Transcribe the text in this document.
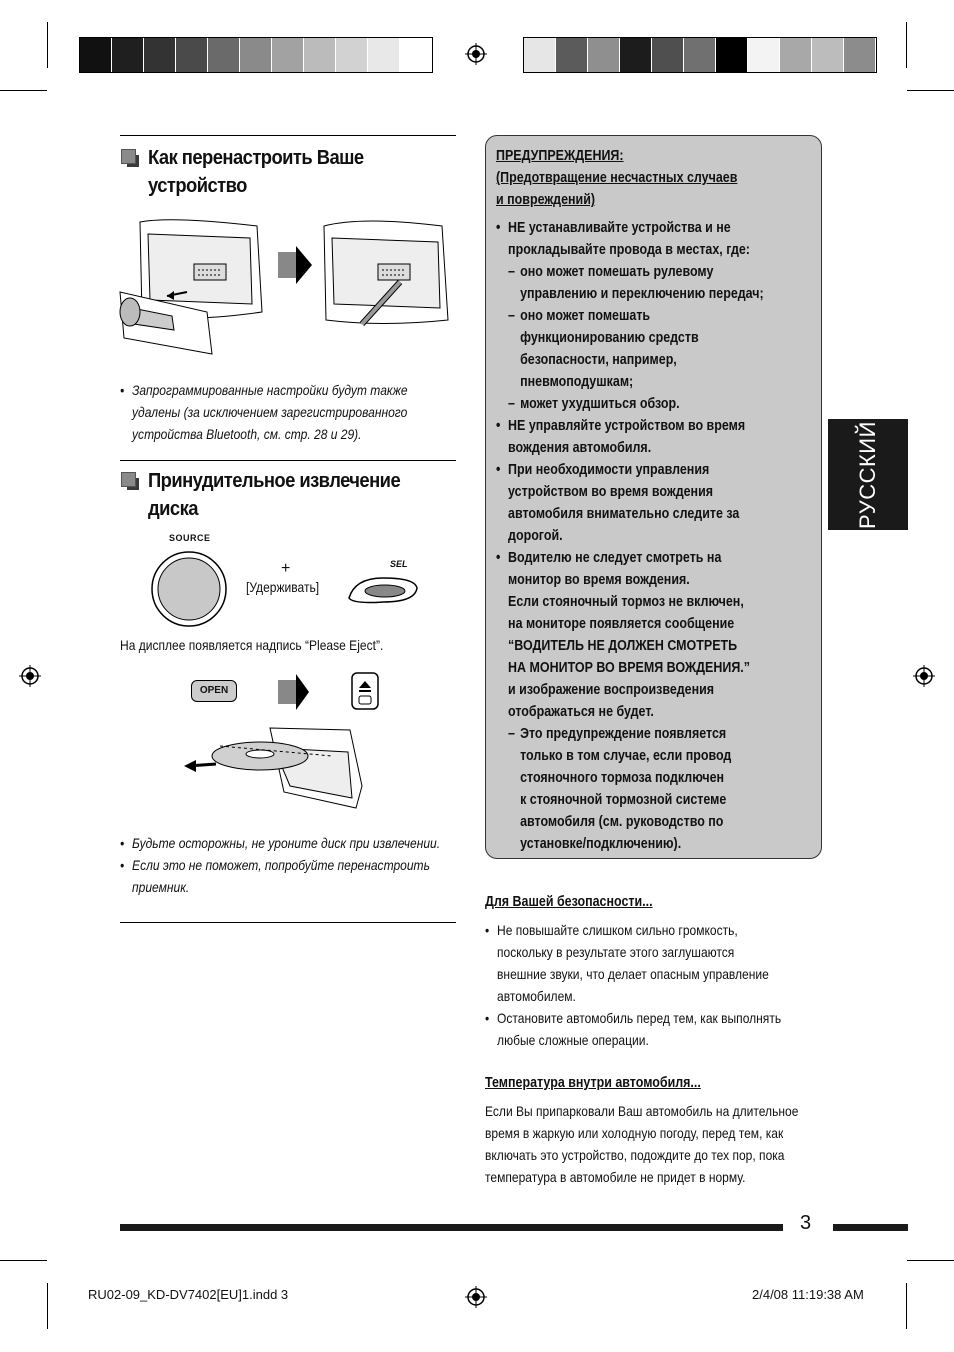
Как перенастроить Ваше
устройство
• Запрограммированные настройки будут также
удалены (за исключением зарегистрированного
устройства Bluetooth, см. стр. 28 и 29).
Принудительное извлечение
диска
SOURCE
+
[Удерживать]
SEL
На дисплее появляется надпись “Please Eject”.
OPEN
• Будьте осторожны, не уроните диск при извлечении.
• Если это не поможет, попробуйте перенастроить
приемник.
ПРЕДУПРЕЖДЕНИЯ:
(Предотвращение несчастных случаев
и повреждений)
• НЕ устанавливайте устройства и не
прокладывайте провода в местах, где:
– оно может помешать рулевому
управлению и переключению передач;
– оно может помешать
функционированию средств
безопасности, например,
пневмоподушкам;
– может ухудшиться обзор.
• НЕ управляйте устройством во время
вождения автомобиля.
• При необходимости управления
устройством во время вождения
автомобиля внимательно следите за
дорогой.
• Водителю не следует смотреть на
монитор во время вождения.
Если стояночный тормоз не включен,
на мониторе появляется сообщение
“ВОДИТЕЛЬ НЕ ДОЛЖЕН СМОТРЕТЬ
НА МОНИТОР ВО ВРЕМЯ ВОЖДЕНИЯ.”
и изображение воспроизведения
отображаться не будет.
– Это предупреждение появляется
только в том случае, если провод
стояночного тормоза подключен
к стояночной тормозной системе
автомобиля (см. руководство по
установке/подключению).
Для Вашей безопасности...
• Не повышайте слишком сильно громкость,
поскольку в результате этого заглушаются
внешние звуки, что делает опасным управление
автомобилем.
• Остановите автомобиль перед тем, как выполнять
любые сложные операции.
Температура внутри автомобиля...
Если Вы припарковали Ваш автомобиль на длительное
время в жаркую или холодную погоду, перед тем, как
включать это устройство, подождите до тех пор, пока
температура в автомобиле не придет в норму.
РУССКИЙ
3
RU02-09_KD-DV7402[EU]1.indd 3	2/4/08 11:19:38 AM
